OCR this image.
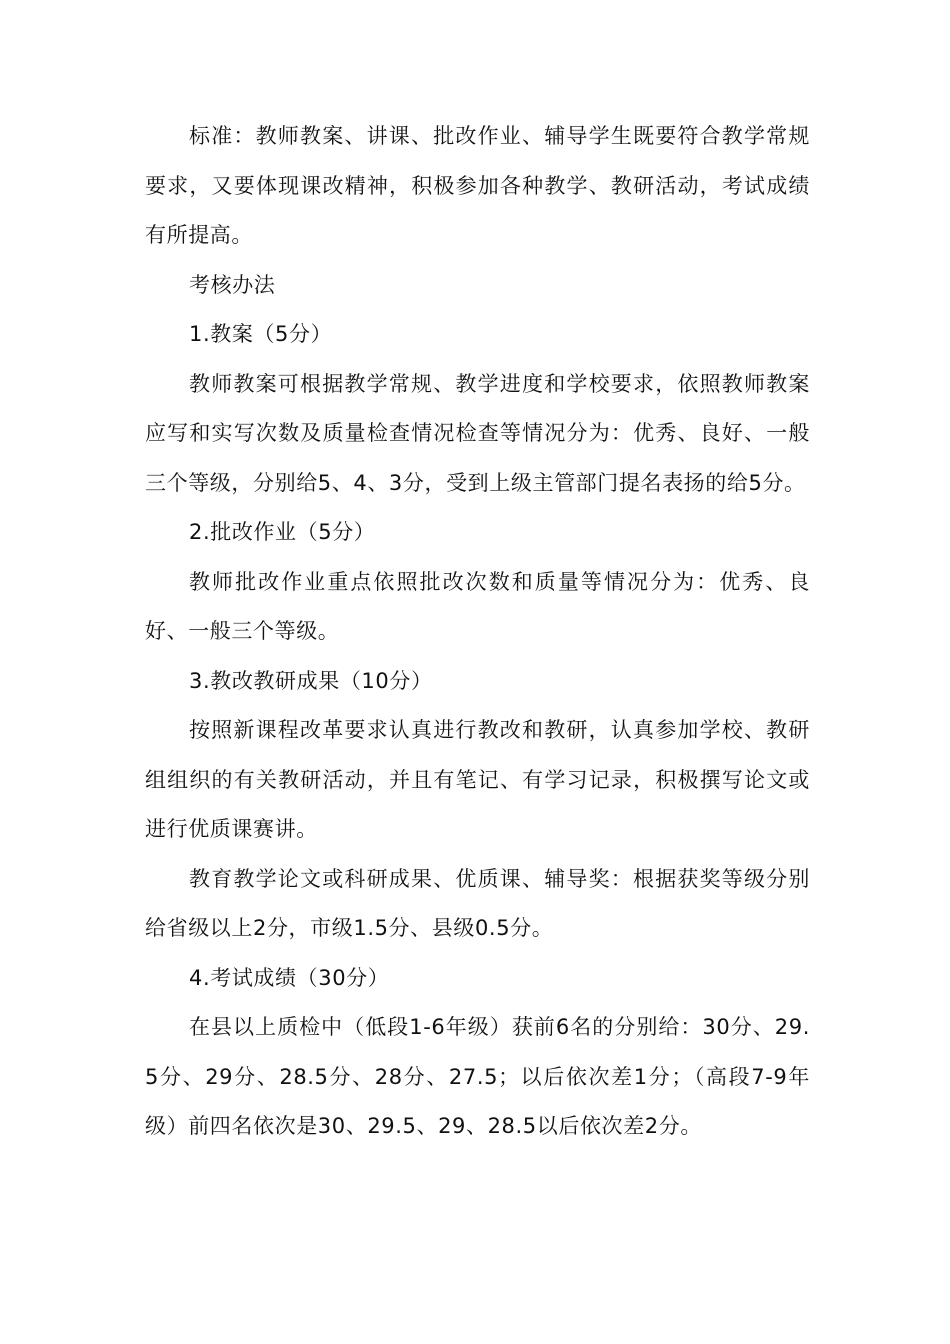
标准：教师教案、讲课、批改作业、辅导学生既要符合教学常规要求，又要体现课改精神，积极参加各种教学、教研活动，考试成绩有所提高。

考核办法

1.教案（5分）

教师教案可根据教学常规、教学进度和学校要求，依照教师教案应写和实写次数及质量检查情况检查等情况分为：优秀、良好、一般三个等级，分别给5、4、3分，受到上级主管部门提名表扬的给5分。

2.批改作业（5分）

教师批改作业重点依照批改次数和质量等情况分为：优秀、良好、一般三个等级。

3.教改教研成果（10分）

按照新课程改革要求认真进行教改和教研，认真参加学校、教研组组织的有关教研活动，并且有笔记、有学习记录，积极撰写论文或进行优质课赛讲。

教育教学论文或科研成果、优质课、辅导奖：根据获奖等级分别给省级以上2分，市级1.5分、县级0.5分。

4.考试成绩（30分）

在县以上质检中（低段1-6年级）获前6名的分别给：30分、29.5分、29分、28.5分、28分、27.5；以后依次差1分；（高段7-9年级）前四名依次是30、29.5、29、28.5以后依次差2分。
